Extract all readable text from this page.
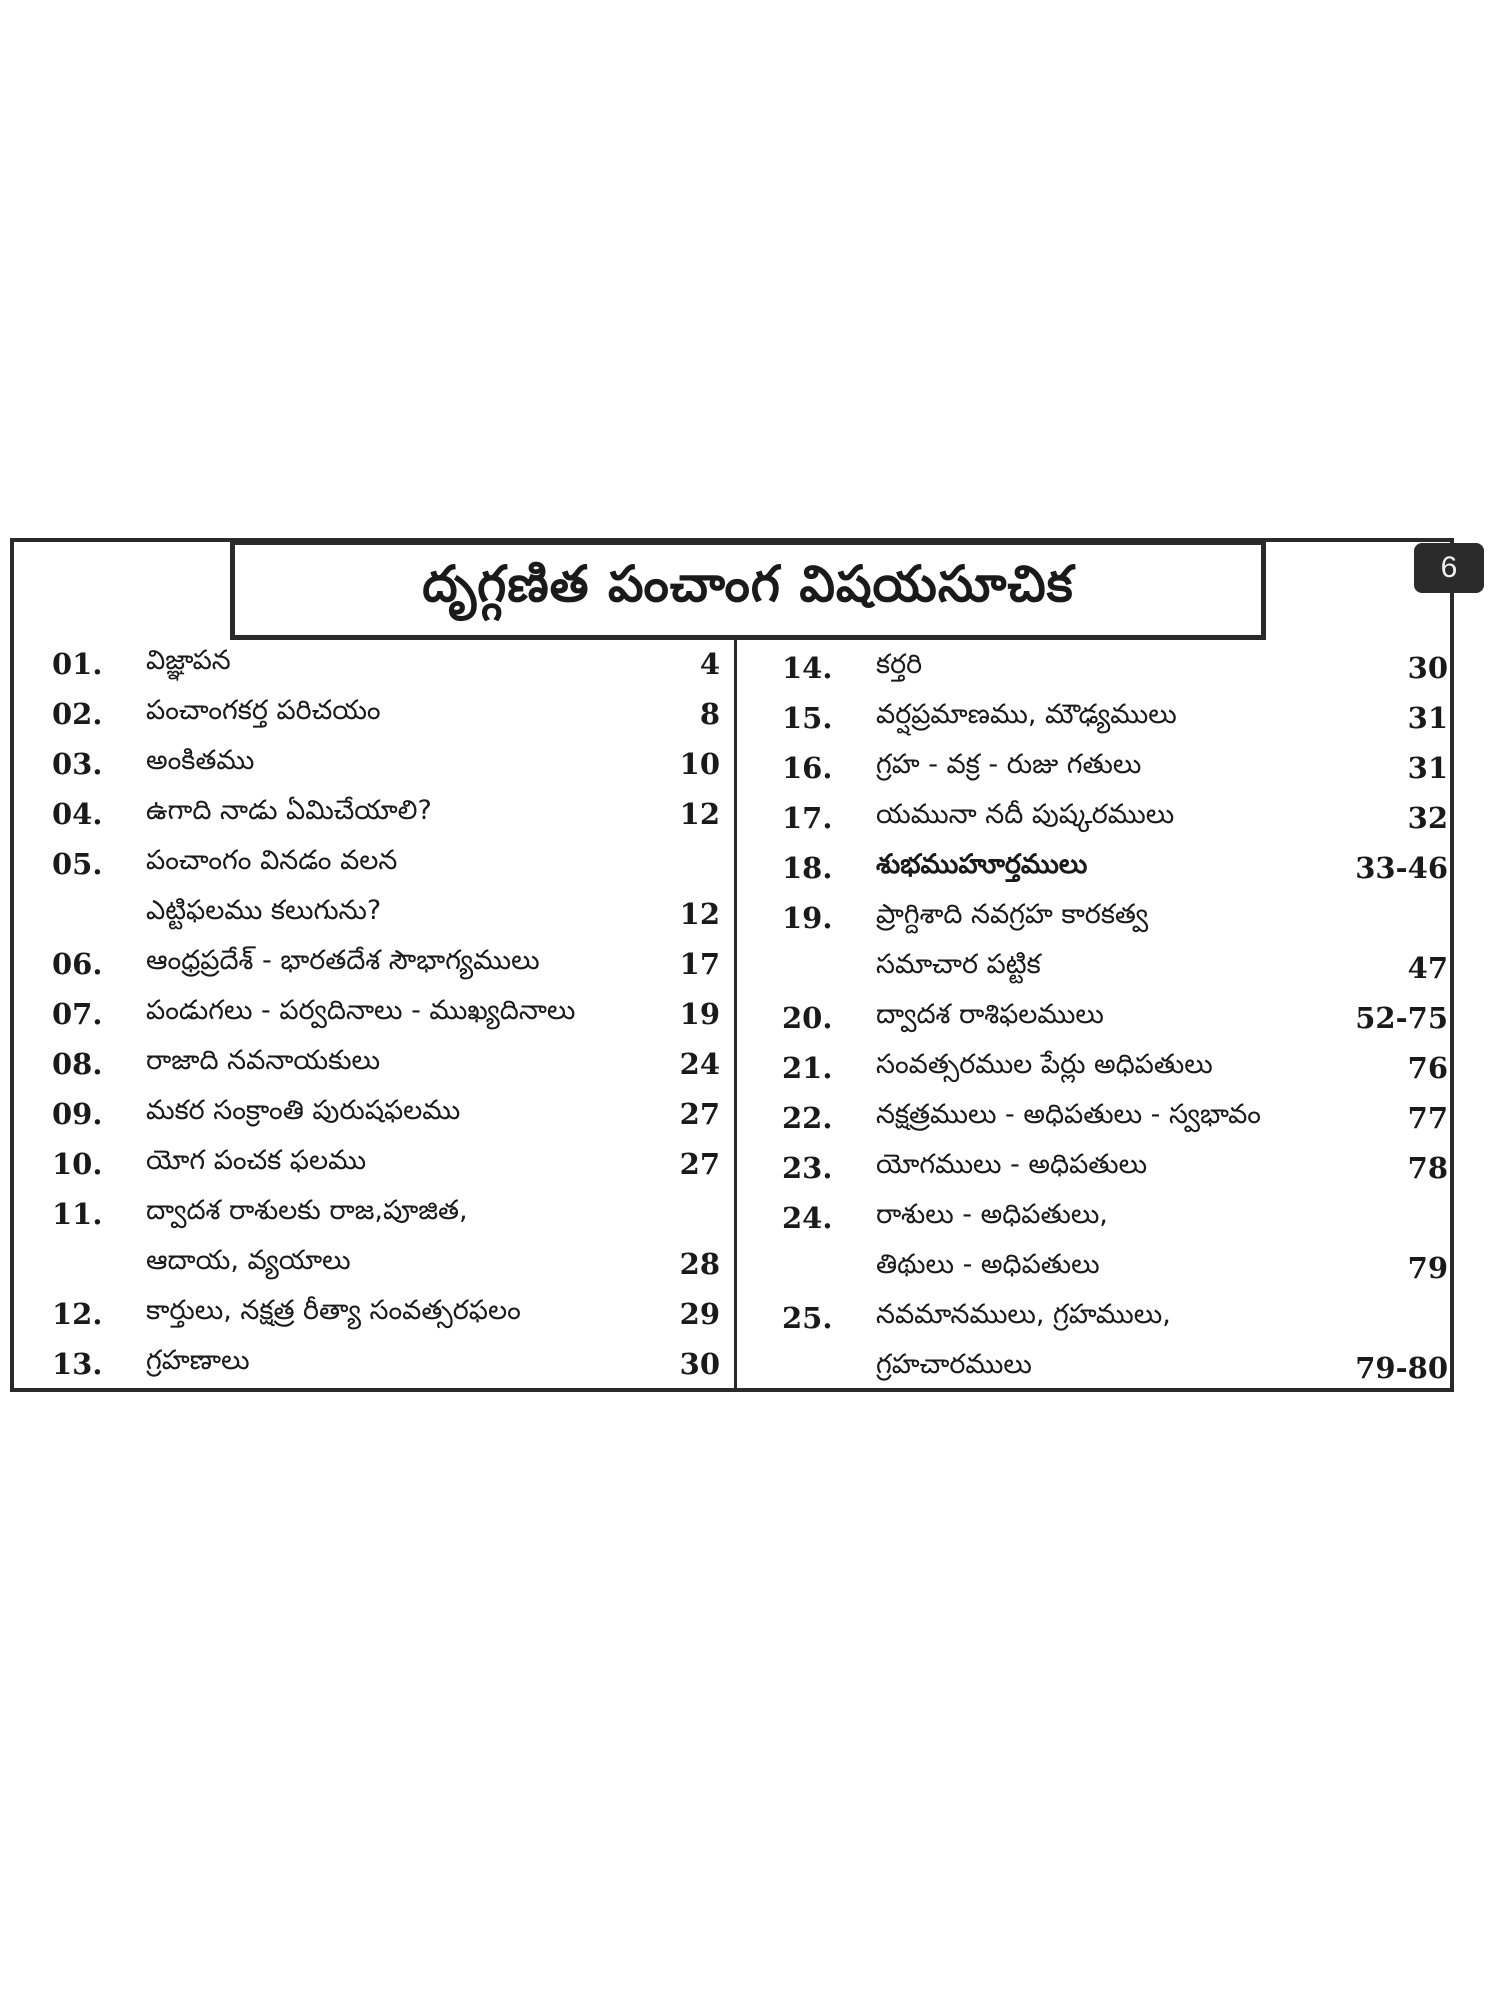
దృగ్గణిత పంచాంగ విషయసూచిక	6
01.	విజ్ఞాపన	4
02.	పంచాంగకర్త పరిచయం	8
03.	అంకితము	10
04.	ఉగాది నాడు ఏమిచేయాలి?	12
05.	పంచాంగం వినడం వలన
ఎట్టిఫలము కలుగును?	12
06.	ఆంధ్రప్రదేశ్ - భారతదేశ సౌభాగ్యములు	17
07.	పండుగలు - పర్వదినాలు - ముఖ్యదినాలు	19
08.	రాజాది నవనాయకులు	24
09.	మకర సంక్రాంతి పురుషఫలము	27
10.	యోగ పంచక ఫలము	27
11.	ద్వాదశ రాశులకు రాజ,పూజిత,
ఆదాయ, వ్యయాలు	28
12.	కార్తులు, నక్షత్ర రీత్యా సంవత్సరఫలం	29
13.	గ్రహణాలు	30
14.	కర్తరి	30
15.	వర్షప్రమాణము, మౌఢ్యములు	31
16.	గ్రహ - వక్ర - రుజు గతులు	31
17.	యమునా నదీ పుష్కరములు	32
18.	శుభముహూర్తములు	33-46
19.	ప్రాగ్దిశాది నవగ్రహ కారకత్వ
సమాచార పట్టిక	47
20.	ద్వాదశ రాశిఫలములు	52-75
21.	సంవత్సరముల పేర్లు అధిపతులు	76
22.	నక్షత్రములు - అధిపతులు - స్వభావం	77
23.	యోగములు - అధిపతులు	78
24.	రాశులు - అధిపతులు,
తిథులు - అధిపతులు	79
25.	నవమానములు, గ్రహములు,
గ్రహచారములు	79-80
